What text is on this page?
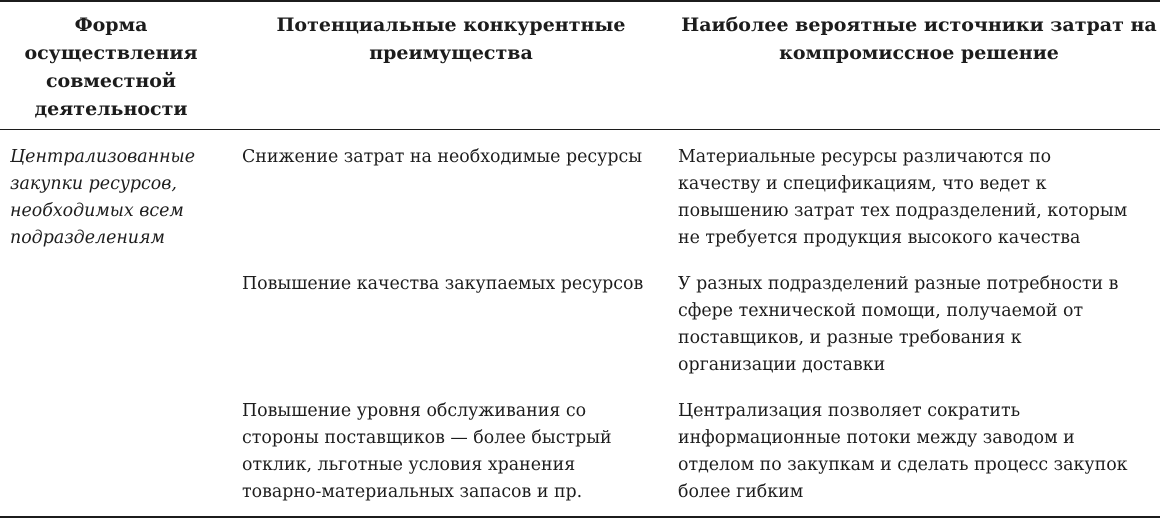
Форма
осуществления
совместной
деятельности
Потенциальные конкурентные
преимущества
Наиболее вероятные источники затрат на
компромиссное решение
Централизованные
закупки ресурсов,
необходимых всем
подразделениям
Снижение затрат на необходимые ресурсы	Материальные ресурсы различаются по
качеству и спецификациям, что ведет к
повышению затрат тех подразделений, которым
не требуется продукция высокого качества
Повышение качества закупаемых ресурсов	У разных подразделений разные потребности в
сфере технической помощи, получаемой от
поставщиков, и разные требования к
организации доставки
Повышение уровня обслуживания со
стороны поставщиков — более быстрый
отклик, льготные условия хранения
товарно-материальных запасов и пр.
Централизация позволяет сократить
информационные потоки между заводом и
отделом по закупкам и сделать процесс закупок
более гибким
